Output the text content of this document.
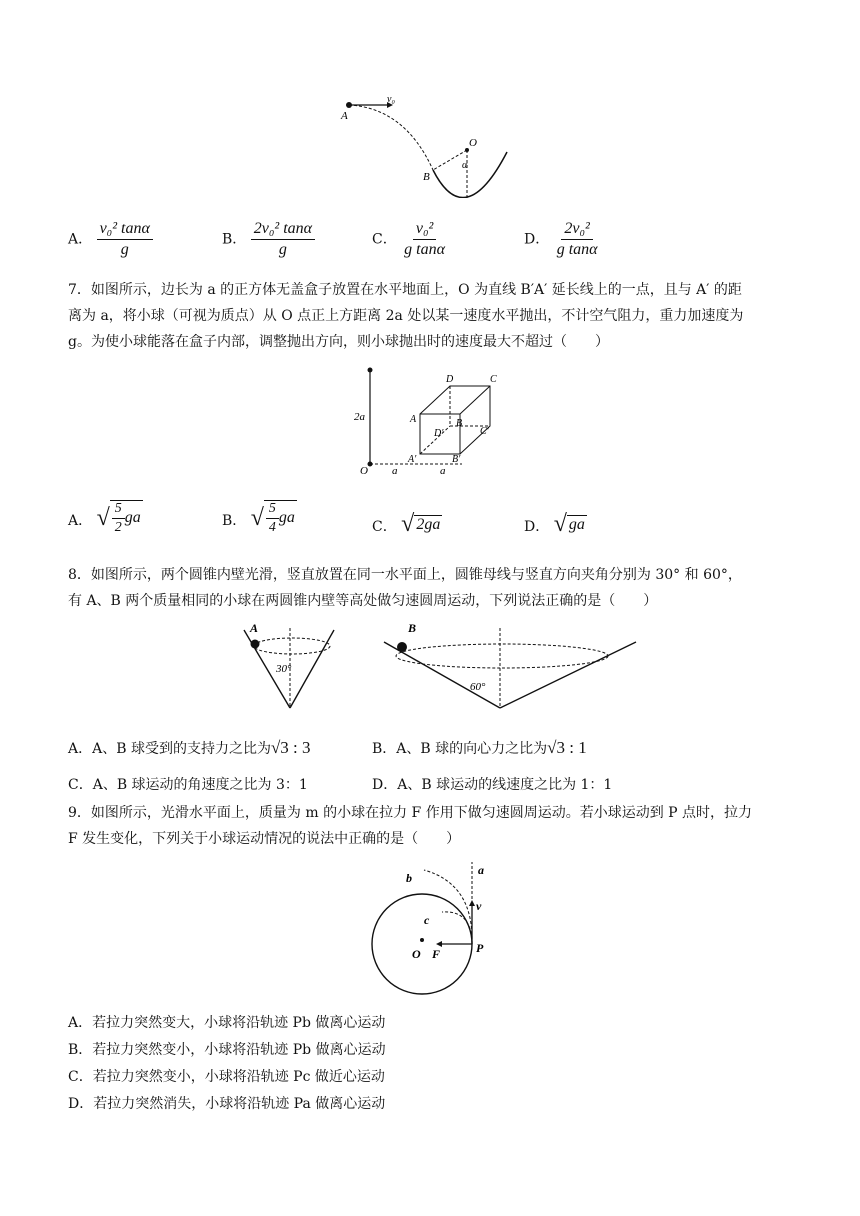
v₀
A
O
α
B
A． $\frac{\text{v₀² tanα}}{g}$	B． $\frac{\text{2v₀² tanα}}{g}$	C． $\frac{\text{v₀²}}{\text{g tanα}}$	D． $\frac{\text{2v₀²}}{\text{g tanα}}$
7．如图所示，边长为 a 的正方体无盖盒子放置在水平地面上，O 为直线 B′A′ 延长线上的一点，且与 A′ 的距
离为 a，将小球（可视为质点）从 O 点正上方距离 2a 处以某一速度水平抛出，不计空气阻力，重力加速度为
g。为使小球能落在盒子内部，调整抛出方向，则小球抛出时的速度最大不超过（　　）
2a
O a	a
A
D	C
B
D′	C′
A′	B′
A． √ $\frac{5}{2}$ ga	B． √ $\frac{5}{4}$ ga
C． √ 2ga	D． √ ga
8．如图所示，两个圆锥内壁光滑，竖直放置在同一水平面上，圆锥母线与竖直方向夹角分别为 30° 和 60°，
有 A、B 两个质量相同的小球在两圆锥内壁等高处做匀速圆周运动，下列说法正确的是（　　）
A
30°
B
60°
A．A、B 球受到的支持力之比为√3 : 3	B．A、B 球的向心力之比为√3 : 1
C．A、B 球运动的角速度之比为 3：1	D．A、B 球运动的线速度之比为 1：1
9．如图所示，光滑水平面上，质量为 m 的小球在拉力 F 作用下做匀速圆周运动。若小球运动到 P 点时，拉力
F 发生变化，下列关于小球运动情况的说法中正确的是（　　）
O F	P
a
v
b
c
A．若拉力突然变大，小球将沿轨迹 Pb 做离心运动
B．若拉力突然变小，小球将沿轨迹 Pb 做离心运动
C．若拉力突然变小，小球将沿轨迹 Pc 做近心运动
D．若拉力突然消失，小球将沿轨迹 Pa 做离心运动
